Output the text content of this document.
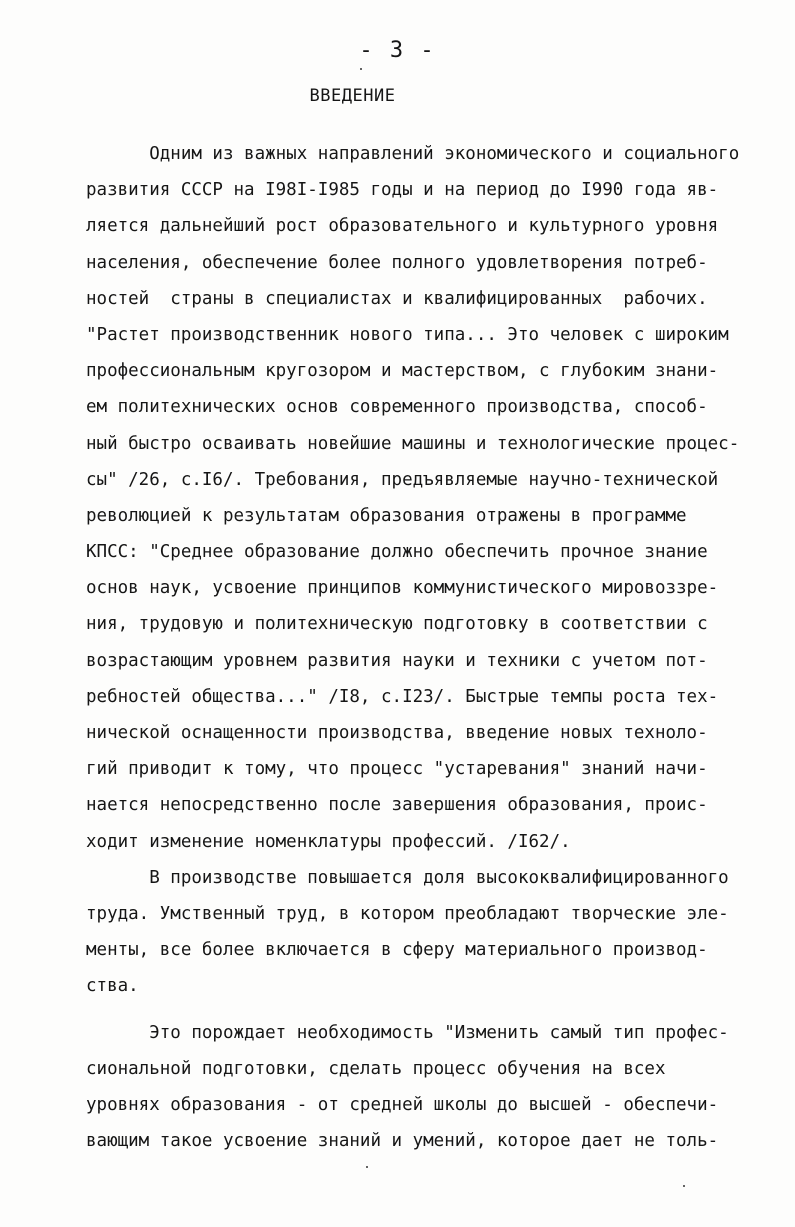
- 3 -
ВВЕДЕНИЕ
Одним из важных направлений экономического и социального
развития СССР на I98I-I985 годы и на период до I990 года яв-
ляется дальнейший рост образовательного и культурного уровня
населения, обеспечение более полного удовлетворения потреб-
ностей  страны в специалистах и квалифицированных  рабочих.
"Растет производственник нового типа... Это человек с широким
профессиональным кругозором и мастерством, с глубоким знани-
ем политехнических основ современного производства, способ-
ный быстро осваивать новейшие машины и технологические процес-
сы" /26, с.I6/. Требования, предъявляемые научно-технической
революцией к результатам образования отражены в программе
КПСС: "Среднее образование должно обеспечить прочное знание
основ наук, усвоение принципов коммунистического мировоззре-
ния, трудовую и политехническую подготовку в соответствии с
возрастающим уровнем развития науки и техники с учетом пот-
ребностей общества..." /I8, с.I23/. Быстрые темпы роста тех-
нической оснащенности производства, введение новых техноло-
гий приводит к тому, что процесс "устаревания" знаний начи-
нается непосредственно после завершения образования, проис-
ходит изменение номенклатуры профессий. /I62/.
В производстве повышается доля высококвалифицированного
труда. Умственный труд, в котором преобладают творческие эле-
менты, все более включается в сферу материального производ-
ства.
Это порождает необходимость "Изменить самый тип профес-
сиональной подготовки, сделать процесс обучения на всех
уровнях образования - от средней школы до высшей - обеспечи-
вающим такое усвоение знаний и умений, которое дает не толь-
